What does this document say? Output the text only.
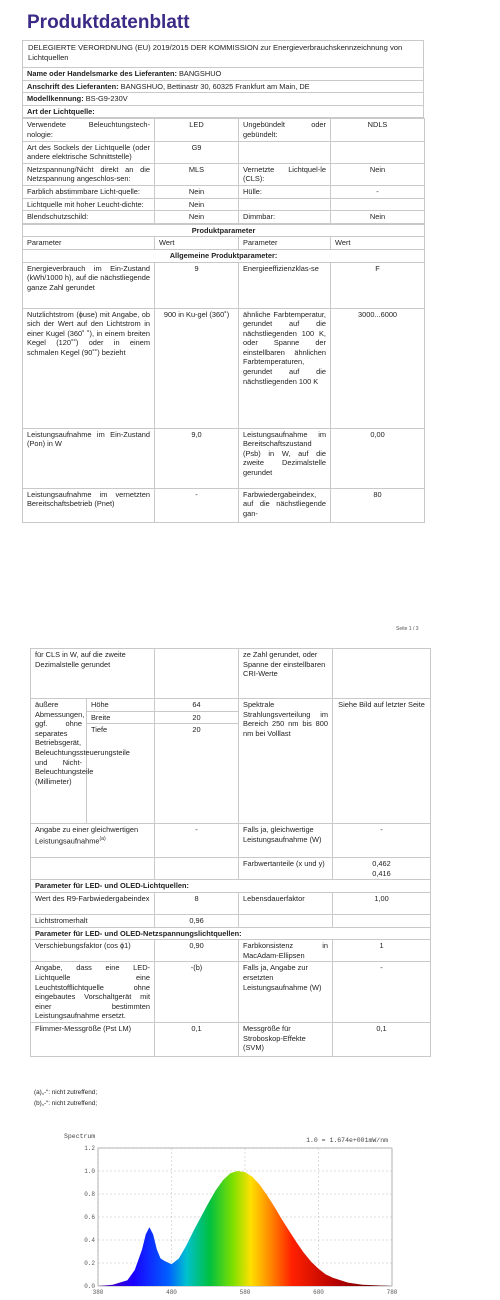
Produktdatenblatt
DELEGIERTE VERORDNUNG (EU) 2019/2015 DER KOMMISSION zur Energieverbrauchskennzeichnung von Lichtquellen
Name oder Handelsmarke des Lieferanten: BANGSHUO
Anschrift des Lieferanten: BANGSHUO, Bettinastr 30, 60325 Frankfurt am Main, DE
Modellkennung: BS-G9-230V
Art der Lichtquelle:
Verwendete Beleuchtungstech-nologie:	LED	Ungebündelt oder gebündelt:	NDLS
Art des Sockels der Lichtquelle (oder andere elektrische Schnittstelle)	G9		
Netzspannung/Nicht direkt an die Netzspannung angeschlos-sen:	MLS	Vernetzte Lichtquel-le (CLS):	Nein
Farblich abstimmbare Licht-quelle:	Nein	Hülle:	-
Lichtquelle mit hoher Leucht-dichte:	Nein		
Blendschutzschild:	Nein	Dimmbar:	Nein
Produktparameter			
Parameter	Wert	Parameter	Wert
Allgemeine Produktparameter:			
Energieverbrauch im Ein-Zustand (kWh/1000 h), auf die nächstliegende ganze Zahl gerundet	9	Energieeffizienzklas-se	F
Nutzlichtstrom (ϕuse) mit Angabe, ob sich der Wert auf den Lichtstrom in einer Kugel (360˚ ˚), in einem breiten Kegel (120˚˚) oder in einem schmalen Kegel (90˚˚) bezieht	900 in Ku-gel (360˚)	ähnliche Farbtemperatur, gerundet auf die nächstliegenden 100 K, oder Spanne der einstellbaren ähnlichen Farbtemperaturen, gerundet auf die nächstliegenden 100 K	3000...6000
Leistungsaufnahme im Ein-Zustand (Pon) in W	9,0	Leistungsaufnahme im Bereitschaftszustand (Psb) in W, auf die zweite Dezimalstelle gerundet	0,00
Leistungsaufnahme im vernetzten Bereitschaftsbetrieb (Pnet)	-	Farbwiedergabeindex, auf die nächstliegende gan-	80
Seite 1 / 3
für CLS in W, auf die zweite Dezimalstelle gerundet			ze Zahl gerundet, oder Spanne der einstellbaren CRI-Werte	
äußere Abmessungen, ggf. ohne separates Betriebsgerät, Beleuchtungssteuerungsteile und Nicht-Beleuchtungsteile (Millimeter)	Höhe	64	Spektrale Strahlungsverteilung im Bereich 250 nm bis 800 nm bei Volllast	Siehe Bild auf letzter Seite
	Breite	20		
	Tiefe	20		
Angabe zu einer gleichwertigen Leistungsaufnahme$^{(a)}$		-	Falls ja, gleichwertige Leistungsaufnahme (W)	-
			Farbwertanteile (x und y)	0,462
0,416

Parameter für LED- und OLED-Lichtquellen:				
Wert des R9-Farbwiedergabeindex		8	Lebensdauerfaktor	1,00
Lichtstromerhalt		0,96		
Parameter für LED- und OLED-Netzspannungslichtquellen:				
Verschiebungsfaktor (cos ϕ1)		0,90	Farbkonsistenz in MacAdam-Ellipsen	1
Angabe, dass eine LED-Lichtquelle eine Leuchtstofflichtquelle ohne eingebautes Vorschaltgerät mit einer bestimmten Leistungsaufnahme ersetzt.		-(b)	Falls ja, Angabe zur ersetzten Leistungsaufnahme (W)	-
Flimmer-Messgröße (Pst LM)		0,1	Messgröße für Stroboskop-Effekte (SVM)	0,1
(a)„-“: nicht zutreffend;
(b)„-“: nicht zutreffend;
0.0
0.2
0.4
0.6
0.8
1.0
1.2
380	480	580	680	780
Spectrum
1.0 = 1.674e+001mW/nm
